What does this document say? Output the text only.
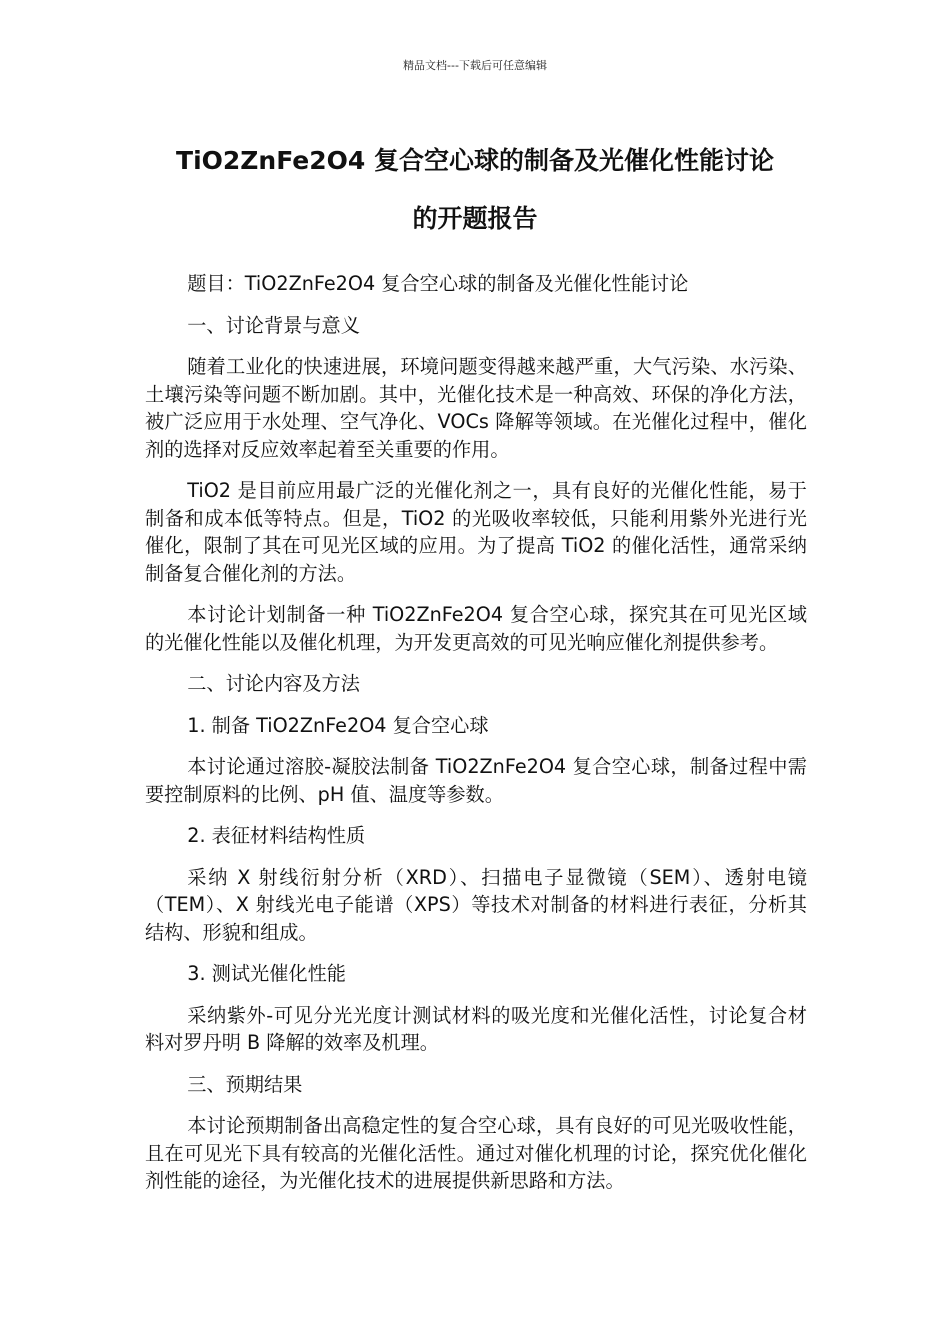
精品文档---下载后可任意编辑
TiO2ZnFe2O4 复合空心球的制备及光催化性能讨论
的开题报告

题目：TiO2ZnFe2O4 复合空心球的制备及光催化性能讨论

一、讨论背景与意义

随着工业化的快速进展，环境问题变得越来越严重，大气污染、水污染、土壤污染等问题不断加剧。其中，光催化技术是一种高效、环保的净化方法，被广泛应用于水处理、空气净化、VOCs 降解等领域。在光催化过程中，催化剂的选择对反应效率起着至关重要的作用。

TiO2 是目前应用最广泛的光催化剂之一，具有良好的光催化性能，易于制备和成本低等特点。但是，TiO2 的光吸收率较低，只能利用紫外光进行光催化，限制了其在可见光区域的应用。为了提高 TiO2 的催化活性，通常采纳制备复合催化剂的方法。

本讨论计划制备一种 TiO2ZnFe2O4 复合空心球，探究其在可见光区域的光催化性能以及催化机理，为开发更高效的可见光响应催化剂提供参考。

二、讨论内容及方法

1. 制备 TiO2ZnFe2O4 复合空心球

本讨论通过溶胶-凝胶法制备 TiO2ZnFe2O4 复合空心球，制备过程中需要控制原料的比例、pH 值、温度等参数。

2. 表征材料结构性质

采纳 X 射线衍射分析（XRD）、扫描电子显微镜（SEM）、透射电镜（TEM）、X 射线光电子能谱（XPS）等技术对制备的材料进行表征，分析其结构、形貌和组成。

3. 测试光催化性能

采纳紫外-可见分光光度计测试材料的吸光度和光催化活性，讨论复合材料对罗丹明 B 降解的效率及机理。

三、预期结果

本讨论预期制备出高稳定性的复合空心球，具有良好的可见光吸收性能，且在可见光下具有较高的光催化活性。通过对催化机理的讨论，探究优化催化剂性能的途径，为光催化技术的进展提供新思路和方法。
